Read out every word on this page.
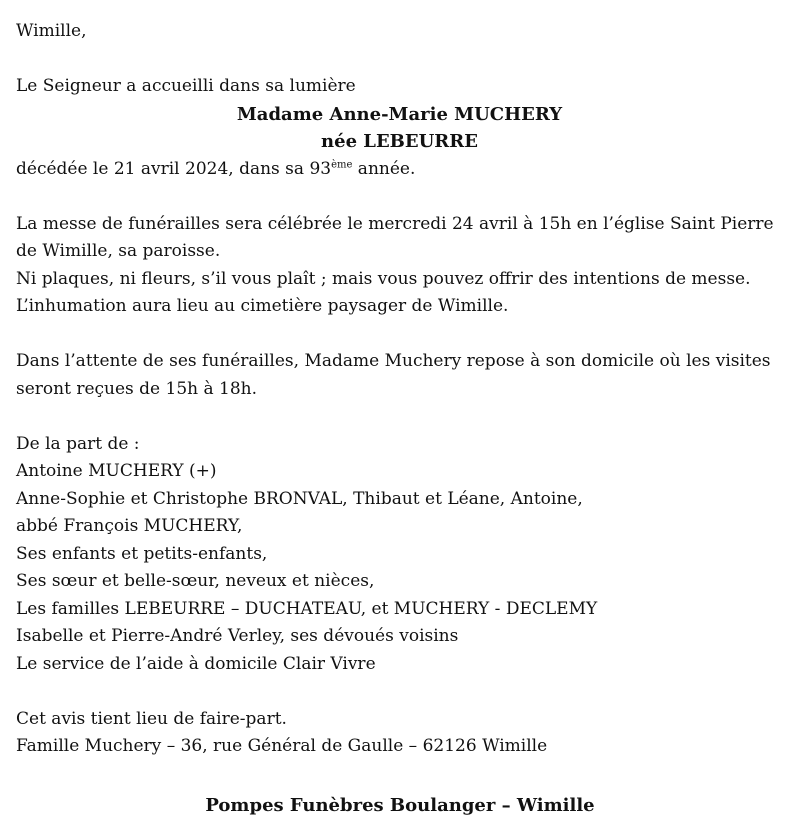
Wimille,
Le Seigneur a accueilli dans sa lumière
Madame Anne-Marie MUCHERY
née LEBEURRE
décédée le 21 avril 2024, dans sa 93ème année.
La messe de funérailles sera célébrée le mercredi 24 avril à 15h en l’église Saint Pierre
de Wimille, sa paroisse.
Ni plaques, ni fleurs, s’il vous plaît ; mais vous pouvez offrir des intentions de messe.
L’inhumation aura lieu au cimetière paysager de Wimille.
Dans l’attente de ses funérailles, Madame Muchery repose à son domicile où les visites
seront reçues de 15h à 18h.
De la part de :
Antoine MUCHERY (+)
Anne-Sophie et Christophe BRONVAL, Thibaut et Léane, Antoine,
abbé François MUCHERY,
Ses enfants et petits-enfants,
Ses sœur et belle-sœur, neveux et nièces,
Les familles LEBEURRE – DUCHATEAU, et MUCHERY - DECLEMY
Isabelle et Pierre-André Verley, ses dévoués voisins
Le service de l’aide à domicile Clair Vivre
Cet avis tient lieu de faire-part.
Famille Muchery – 36, rue Général de Gaulle – 62126 Wimille
Pompes Funèbres Boulanger – Wimille
